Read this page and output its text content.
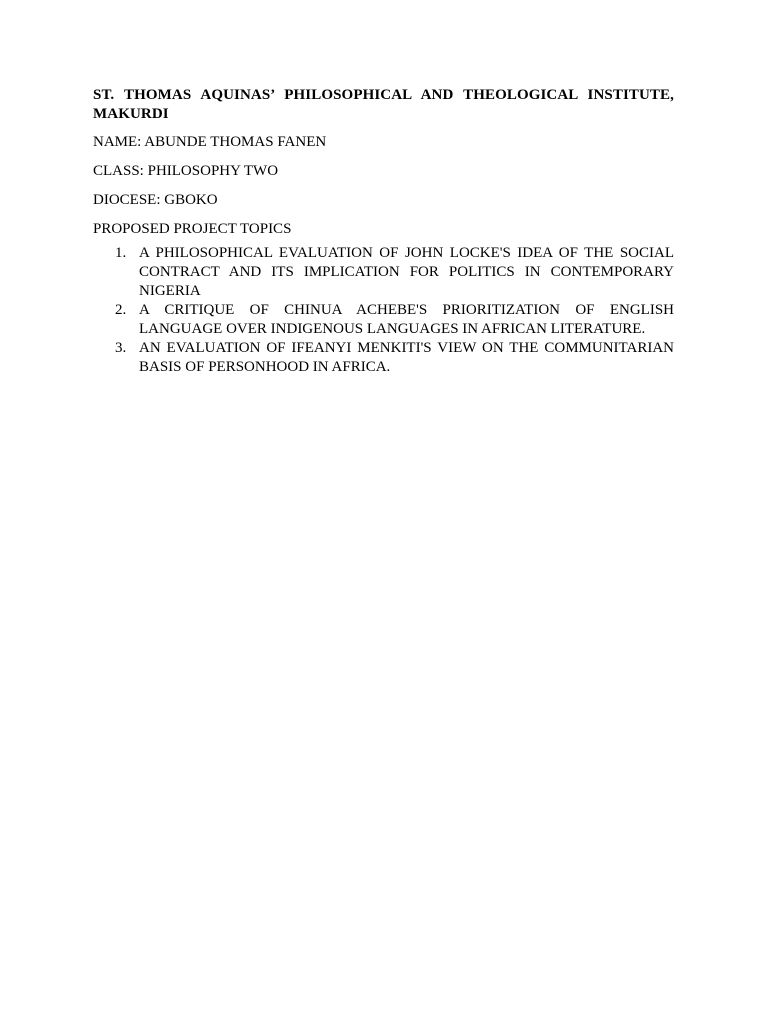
ST. THOMAS AQUINAS’ PHILOSOPHICAL AND THEOLOGICAL INSTITUTE, MAKURDI

NAME: ABUNDE THOMAS FANEN

CLASS: PHILOSOPHY TWO

DIOCESE: GBOKO

PROPOSED PROJECT TOPICS

1. A PHILOSOPHICAL EVALUATION OF JOHN LOCKE'S IDEA OF THE SOCIAL CONTRACT AND ITS IMPLICATION FOR POLITICS IN CONTEMPORARY NIGERIA
2. A CRITIQUE OF CHINUA ACHEBE'S PRIORITIZATION OF ENGLISH LANGUAGE OVER INDIGENOUS LANGUAGES IN AFRICAN LITERATURE.
3. AN EVALUATION OF IFEANYI MENKITI'S VIEW ON THE COMMUNITARIAN BASIS OF PERSONHOOD IN AFRICA.
